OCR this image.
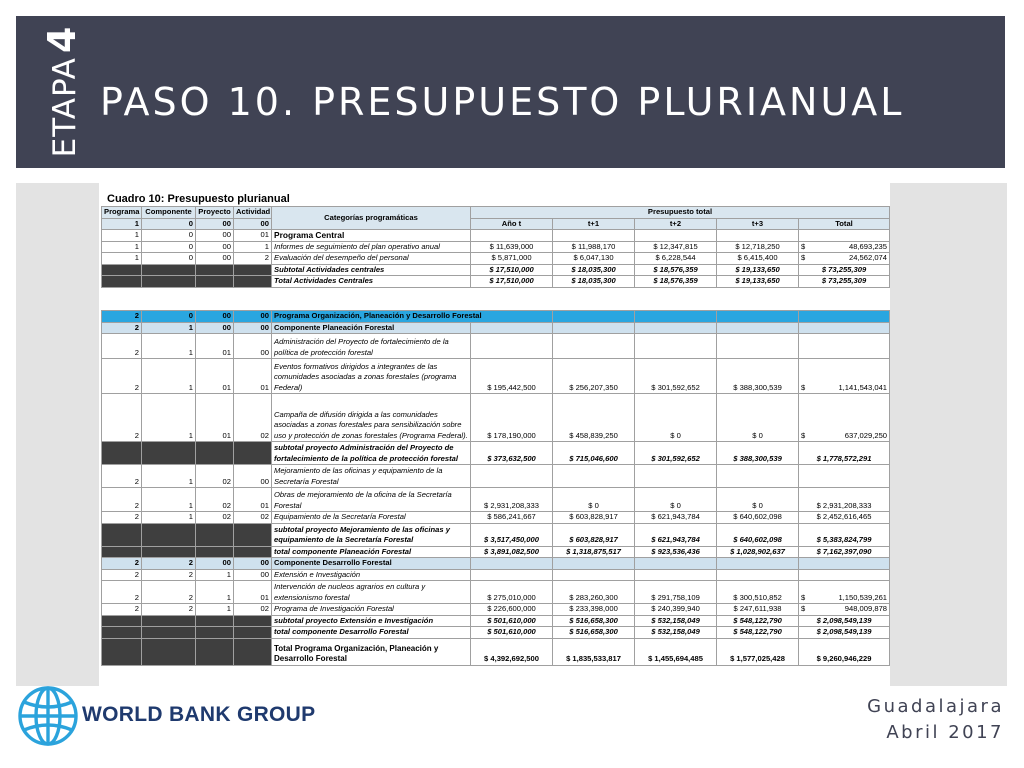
ETAPA4
PASO 10. PRESUPUESTO PLURIANUAL
Cuadro 10: Presupuesto plurianual
Programa	Componente	Proyecto	Actividad	Categorías programáticas	Presupuesto total				
1	0	00	00		Año t	t+1	t+2	t+3	Total
1	0	00	01	Programa Central					
1	0	00	1	Informes de seguimiento del plan operativo anual	$ 11,639,000	$ 11,988,170	$ 12,347,815	$ 12,718,250	$ 48,693,235

1	0	00	2	Evaluación del desempeño del personal	$ 5,871,000	$ 6,047,130	$ 6,228,544	$ 6,415,400	$ 24,562,074

				Subtotal Actividades centrales	$ 17,510,000	$ 18,035,300	$ 18,576,359	$ 19,133,650	$ 73,255,309
				Total Actividades Centrales	$ 17,510,000	$ 18,035,300	$ 18,576,359	$ 19,133,650	$ 73,255,309
2	0	00	00	Programa Organización, Planeación y Desarrollo Forestal					
2	1	00	00	Componente Planeación Forestal					
2	1	01	00	Administración del Proyecto de fortalecimiento de la política de protección forestal					
2	1	01	01	Eventos formativos dirigidos a integrantes de las comunidades asociadas a zonas forestales (programa Federal)	$ 195,442,500	$ 256,207,350	$ 301,592,652	$ 388,300,539	$ 1,141,543,041

2	1	01	02	Campaña de difusión dirigida a las comunidades asociadas a zonas forestales para sensibilización sobre uso y protección de zonas forestales (Programa Federal).	$ 178,190,000	$ 458,839,250	$ 0	$ 0	$ 637,029,250

				subtotal proyecto Administración del Proyecto de fortalecimiento de la política de protección forestal	$ 373,632,500	$ 715,046,600	$ 301,592,652	$ 388,300,539	$ 1,778,572,291
2	1	02	00	Mejoramiento de las oficinas y equipamiento de la Secretaría Forestal					
2	1	02	01	Obras de mejoramiento de la oficina de la Secretaría Forestal	$ 2,931,208,333	$ 0	$ 0	$ 0	$ 2,931,208,333
2	1	02	02	Equipamiento de la Secretaría Forestal	$ 586,241,667	$ 603,828,917	$ 621,943,784	$ 640,602,098	$ 2,452,616,465
				subtotal proyecto Mejoramiento de las oficinas y equipamiento de la Secretaría Forestal	$ 3,517,450,000	$ 603,828,917	$ 621,943,784	$ 640,602,098	$ 5,383,824,799
				total componente Planeación Forestal	$ 3,891,082,500	$ 1,318,875,517	$ 923,536,436	$ 1,028,902,637	$ 7,162,397,090
2	2	00	00	Componente Desarrollo Forestal					
2	2	1	00	Extensión e Investigación					
2	2	1	01	Intervención de nucleos agrarios en cultura y extensionismo forestal	$ 275,010,000	$ 283,260,300	$ 291,758,109	$ 300,510,852	$ 1,150,539,261

2	2	1	02	Programa de Investigación Forestal	$ 226,600,000	$ 233,398,000	$ 240,399,940	$ 247,611,938	$ 948,009,878

				subtotal proyecto Extensión e Investigación	$ 501,610,000	$ 516,658,300	$ 532,158,049	$ 548,122,790	$ 2,098,549,139
				total componente Desarrollo Forestal	$ 501,610,000	$ 516,658,300	$ 532,158,049	$ 548,122,790	$ 2,098,549,139
				Total Programa Organización, Planeación y Desarrollo Forestal	$ 4,392,692,500	$ 1,835,533,817	$ 1,455,694,485	$ 1,577,025,428	$ 9,260,946,229
WORLD BANK GROUP	Guadalajara
Abril 2017
